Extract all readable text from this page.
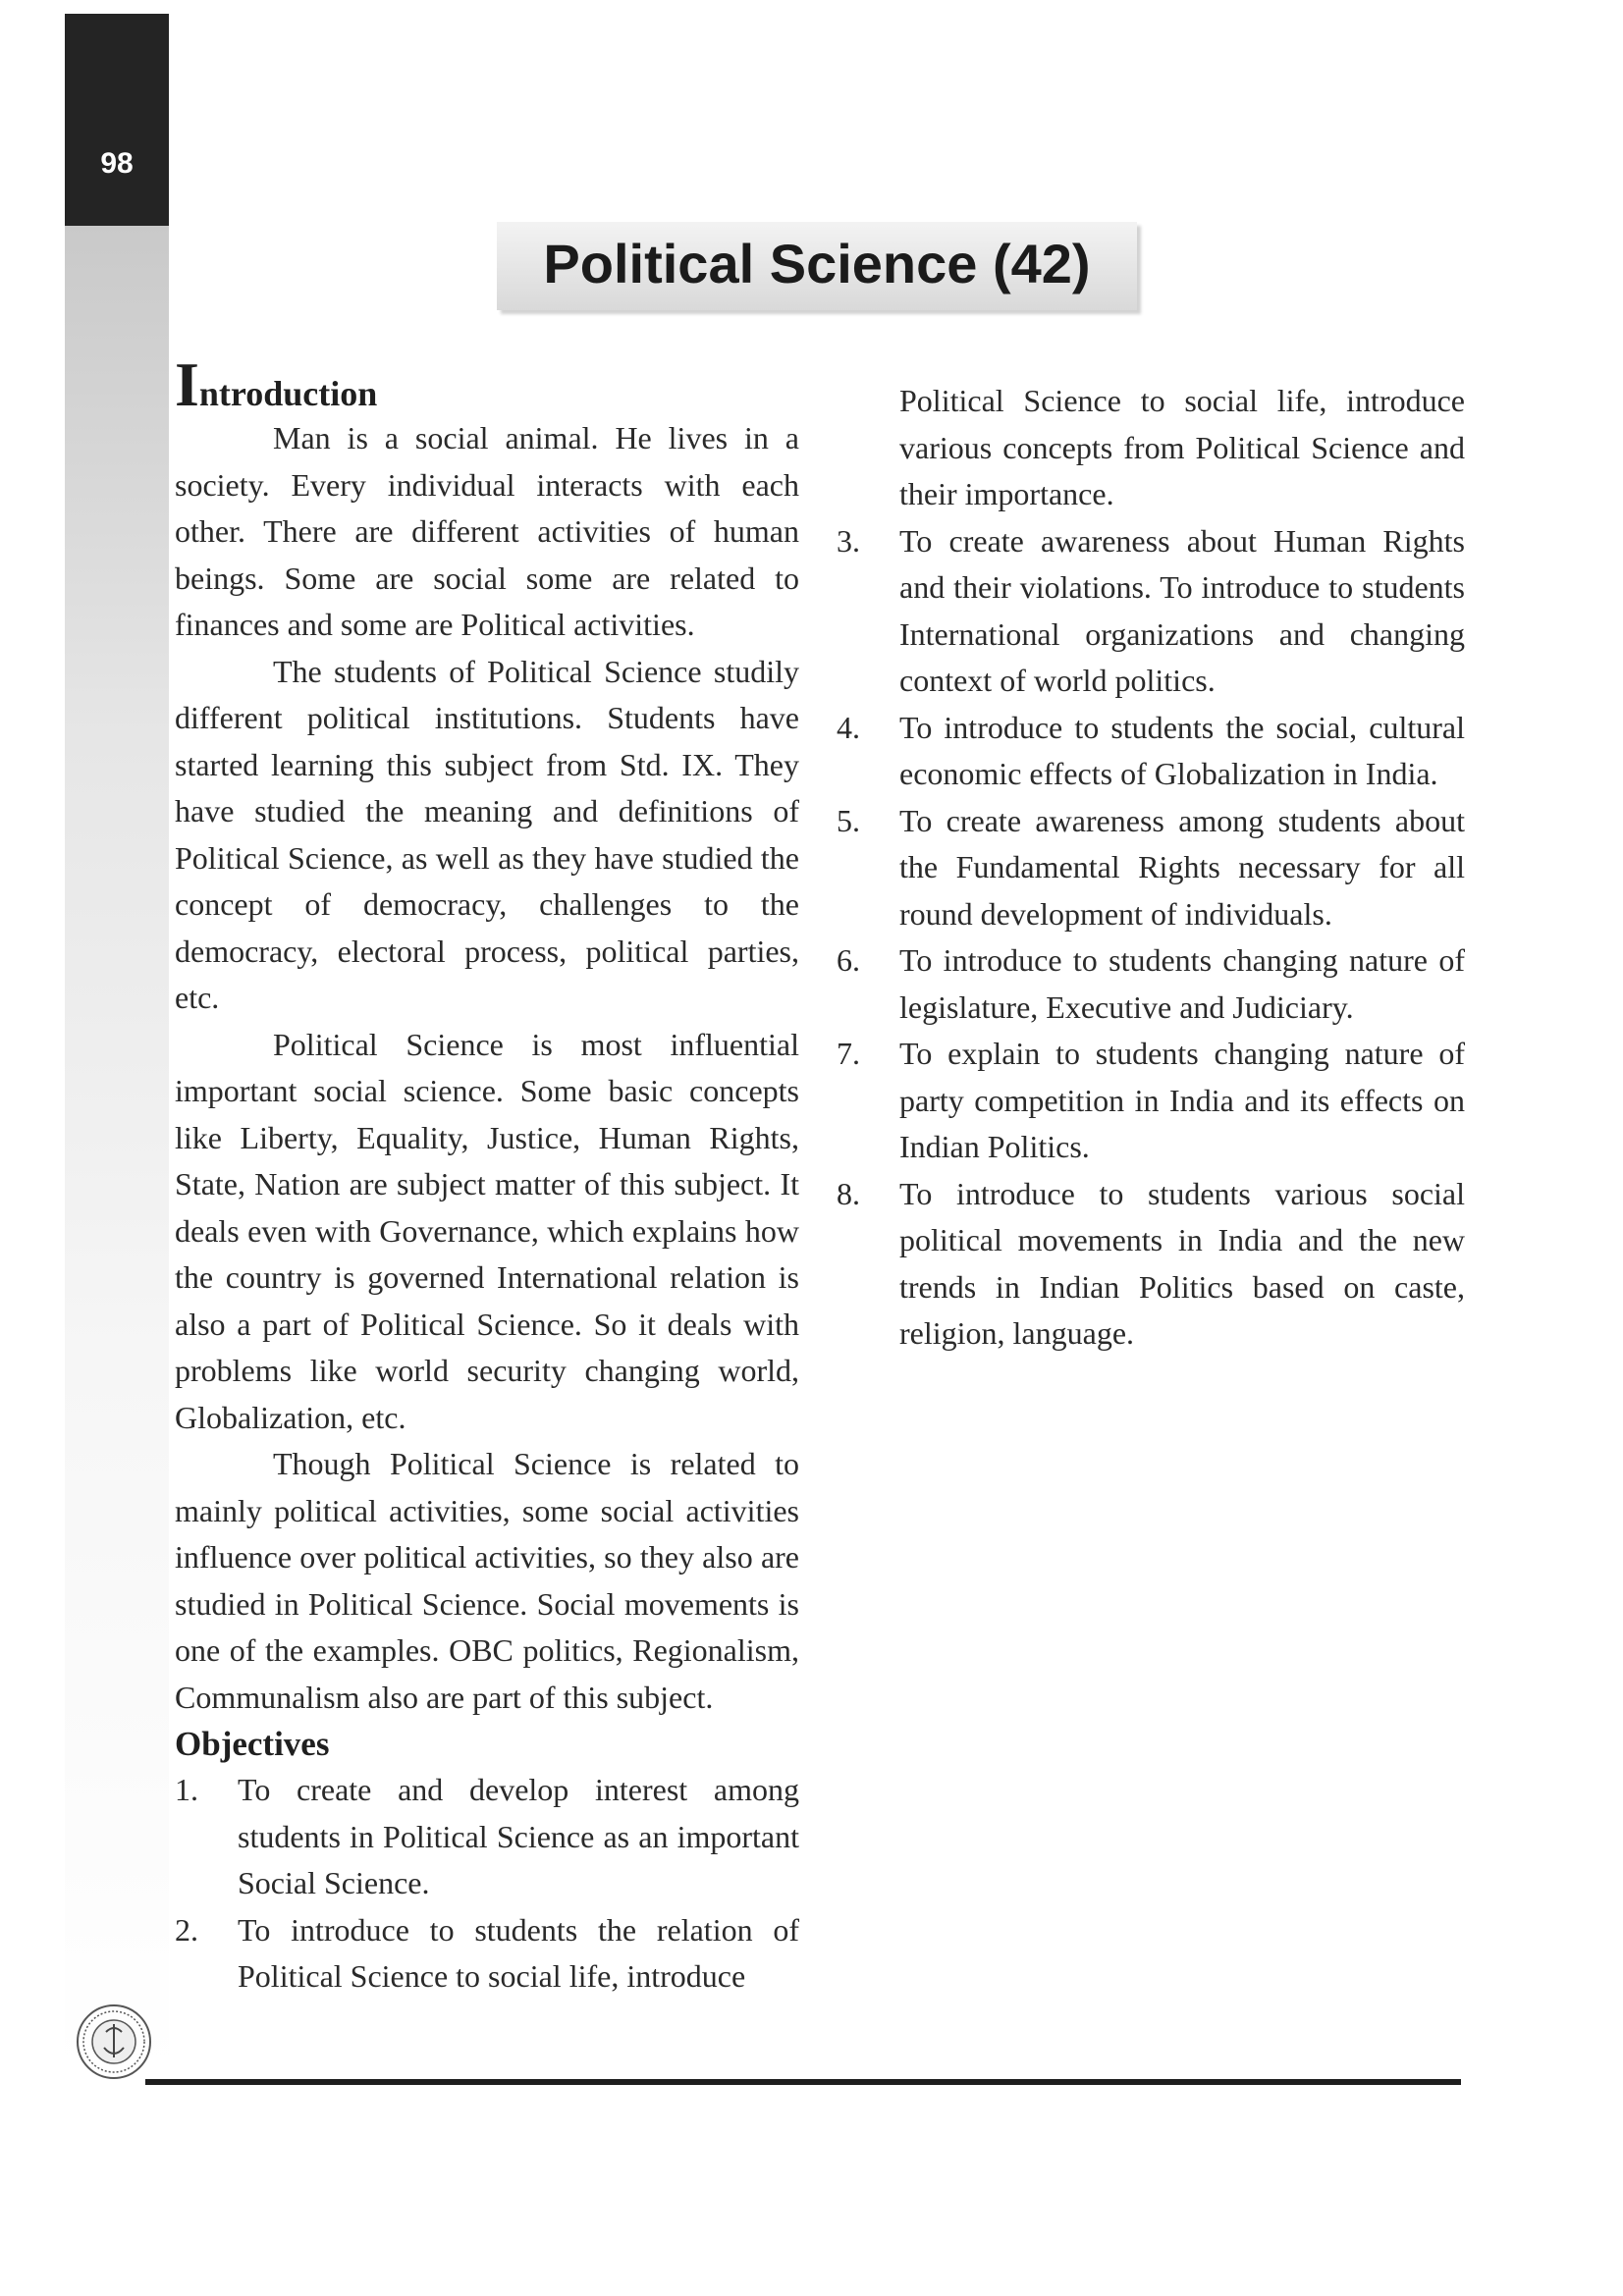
98
Political Science (42)
Introduction

Man is a social animal. He lives in a society. Every individual interacts with each other. There are different activities of human beings. Some are social some are related to finances and some are Political activities.

The students of Political Science studily different political institutions. Students have started learning this subject from Std. IX. They have studied the meaning and definitions of Political Science, as well as they have studied the concept of democracy, challenges to the democracy, electoral process, political parties, etc.

Political Science is most influential important social science. Some basic concepts like Liberty, Equality, Justice, Human Rights, State, Nation are subject matter of this subject. It deals even with Governance, which explains how the country is governed International relation is also a part of Political Science. So it deals with problems like world security changing world, Globalization, etc.

Though Political Science is related to mainly political activities, some social activities influence over political activities, so they also are studied in Political Science. Social movements is one of the examples. OBC politics, Regionalism, Communalism also are part of this subject.

Objectives
1.	To create and develop interest among students in Political Science as an important Social Science.
2.	To introduce to students the relation of Political Science to social life, introduce

Political Science to social life, introduce various concepts from Political Science and their importance.

3.	To create awareness about Human Rights and their violations. To introduce to students International organizations and changing context of world politics.
4.	To introduce to students the social, cultural economic effects of Globalization in India.
5.	To create awareness among students about the Fundamental Rights necessary for all round development of individuals.
6.	To introduce to students changing nature of legislature, Executive and Judiciary.
7.	To explain to students changing nature of party competition in India and its effects on Indian Politics.
8.	To introduce to students various social political movements in India and the new trends in Indian Politics based on caste, religion, language.
